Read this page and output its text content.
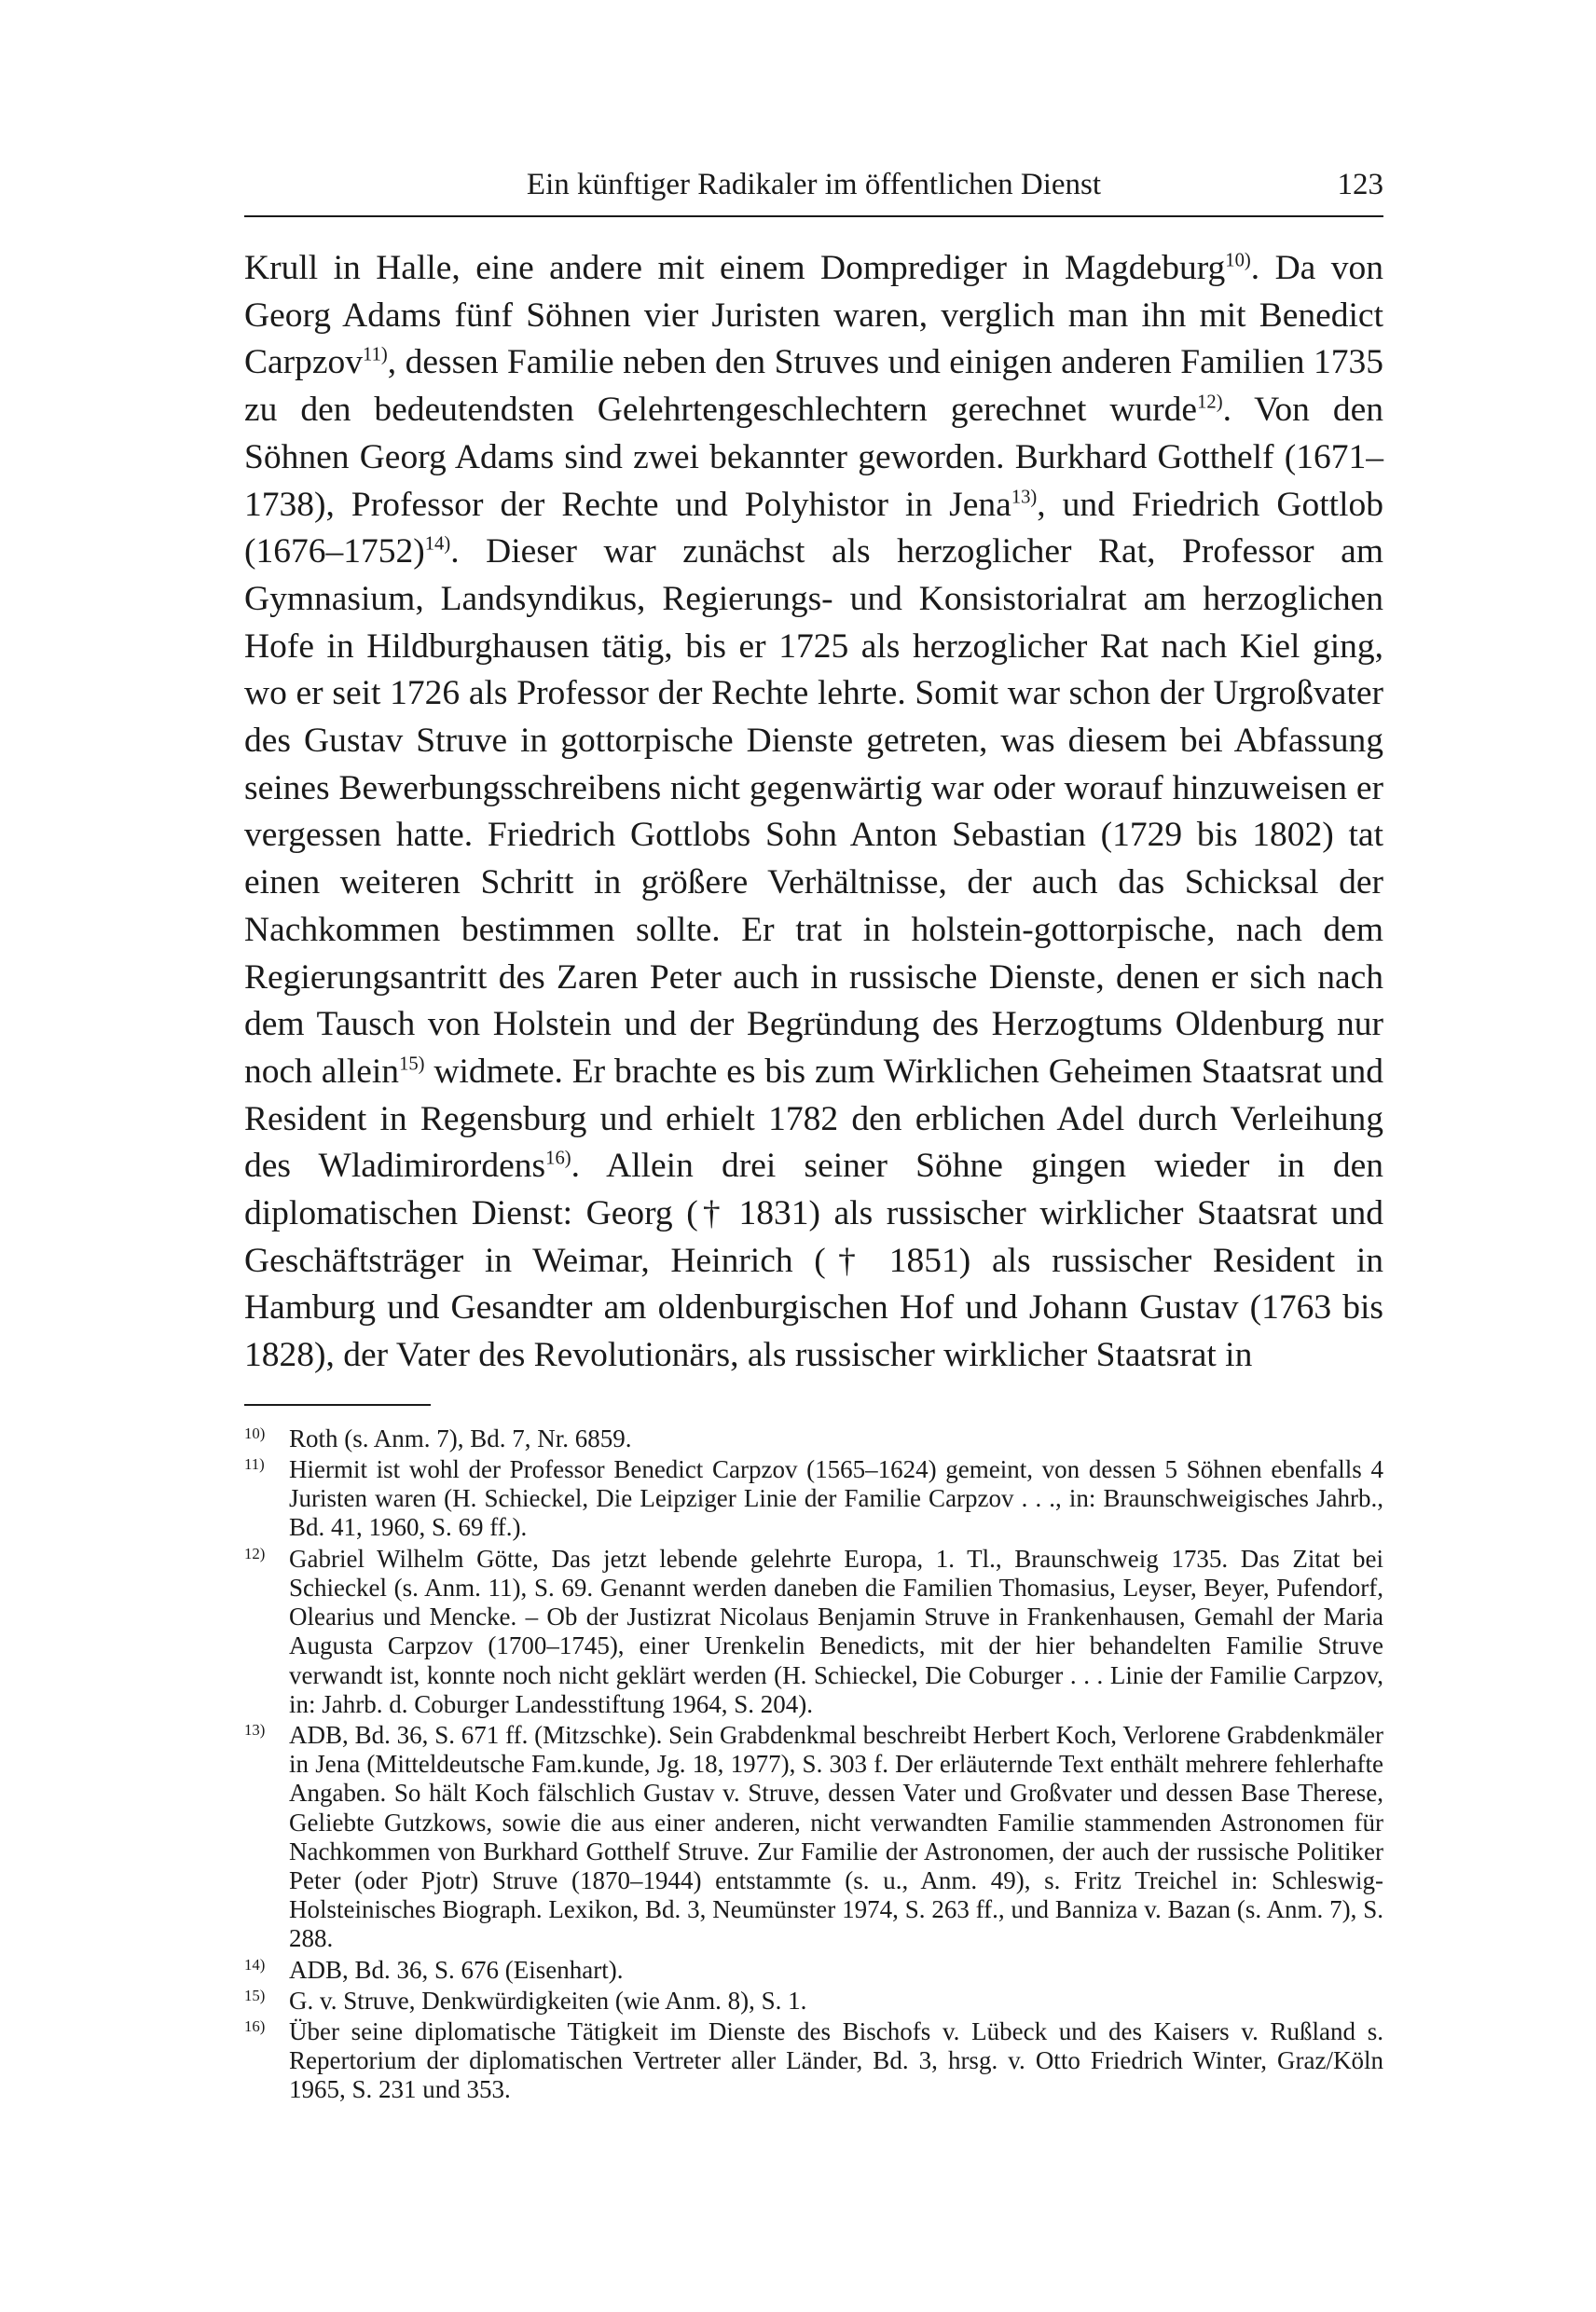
Ein künftiger Radikaler im öffentlichen Dienst	123

Krull in Halle, eine andere mit einem Domprediger in Magdeburg$^{10)}$. Da von Georg Adams fünf Söhnen vier Juristen waren, verglich man ihn mit Benedict Carpzov$^{11)}$, dessen Familie neben den Struves und einigen anderen Familien 1735 zu den bedeutendsten Gelehrtengeschlechtern gerechnet wurde$^{12)}$. Von den Söhnen Georg Adams sind zwei bekannter geworden. Burkhard Gotthelf (1671–1738), Professor der Rechte und Polyhistor in Jena$^{13)}$, und Friedrich Gottlob (1676–1752)$^{14)}$. Dieser war zunächst als herzoglicher Rat, Professor am Gymnasium, Landsyndikus, Regierungs- und Konsistorialrat am herzoglichen Hofe in Hildburghausen tätig, bis er 1725 als herzoglicher Rat nach Kiel ging, wo er seit 1726 als Professor der Rechte lehrte. Somit war schon der Urgroßvater des Gustav Struve in gottorpische Dienste getreten, was diesem bei Abfassung seines Bewerbungsschreibens nicht gegenwärtig war oder worauf hinzuweisen er vergessen hatte. Friedrich Gottlobs Sohn Anton Sebastian (1729 bis 1802) tat einen weiteren Schritt in größere Verhältnisse, der auch das Schicksal der Nachkommen bestimmen sollte. Er trat in holstein-gottorpische, nach dem Regierungsantritt des Zaren Peter auch in russische Dienste, denen er sich nach dem Tausch von Holstein und der Begründung des Herzogtums Oldenburg nur noch allein$^{15)}$ widmete. Er brachte es bis zum Wirklichen Geheimen Staatsrat und Resident in Regensburg und erhielt 1782 den erblichen Adel durch Verleihung des Wladimirordens$^{16)}$. Allein drei seiner Söhne gingen wieder in den diplomatischen Dienst: Georg († 1831) als russischer wirklicher Staatsrat und Geschäftsträger in Weimar, Heinrich († 1851) als russischer Resident in Hamburg und Gesandter am oldenburgischen Hof und Johann Gustav (1763 bis 1828), der Vater des Revolutionärs, als russischer wirklicher Staatsrat in

$^{10)}$ Roth (s. Anm. 7), Bd. 7, Nr. 6859.
$^{11)}$ Hiermit ist wohl der Professor Benedict Carpzov (1565–1624) gemeint, von dessen 5 Söhnen ebenfalls 4 Juristen waren (H. Schieckel, Die Leipziger Linie der Familie Carpzov . . ., in: Braunschweigisches Jahrb., Bd. 41, 1960, S. 69 ff.).
$^{12)}$ Gabriel Wilhelm Götte, Das jetzt lebende gelehrte Europa, 1. Tl., Braunschweig 1735. Das Zitat bei Schieckel (s. Anm. 11), S. 69. Genannt werden daneben die Familien Thomasius, Leyser, Beyer, Pufendorf, Olearius und Mencke. – Ob der Justizrat Nicolaus Benjamin Struve in Frankenhausen, Gemahl der Maria Augusta Carpzov (1700–1745), einer Urenkelin Benedicts, mit der hier behandelten Familie Struve verwandt ist, konnte noch nicht geklärt werden (H. Schieckel, Die Coburger . . . Linie der Familie Carpzov, in: Jahrb. d. Coburger Landesstiftung 1964, S. 204).
$^{13)}$ ADB, Bd. 36, S. 671 ff. (Mitzschke). Sein Grabdenkmal beschreibt Herbert Koch, Verlorene Grabdenkmäler in Jena (Mitteldeutsche Fam.kunde, Jg. 18, 1977), S. 303 f. Der erläuternde Text enthält mehrere fehlerhafte Angaben. So hält Koch fälschlich Gustav v. Struve, dessen Vater und Großvater und dessen Base Therese, Geliebte Gutzkows, sowie die aus einer anderen, nicht verwandten Familie stammenden Astronomen für Nachkommen von Burkhard Gotthelf Struve. Zur Familie der Astronomen, der auch der russische Politiker Peter (oder Pjotr) Struve (1870–1944) entstammte (s. u., Anm. 49), s. Fritz Treichel in: Schleswig-Holsteinisches Biograph. Lexikon, Bd. 3, Neumünster 1974, S. 263 ff., und Banniza v. Bazan (s. Anm. 7), S. 288.
$^{14)}$ ADB, Bd. 36, S. 676 (Eisenhart).
$^{15)}$ G. v. Struve, Denkwürdigkeiten (wie Anm. 8), S. 1.
$^{16)}$ Über seine diplomatische Tätigkeit im Dienste des Bischofs v. Lübeck und des Kaisers v. Rußland s. Repertorium der diplomatischen Vertreter aller Länder, Bd. 3, hrsg. v. Otto Friedrich Winter, Graz/Köln 1965, S. 231 und 353.
